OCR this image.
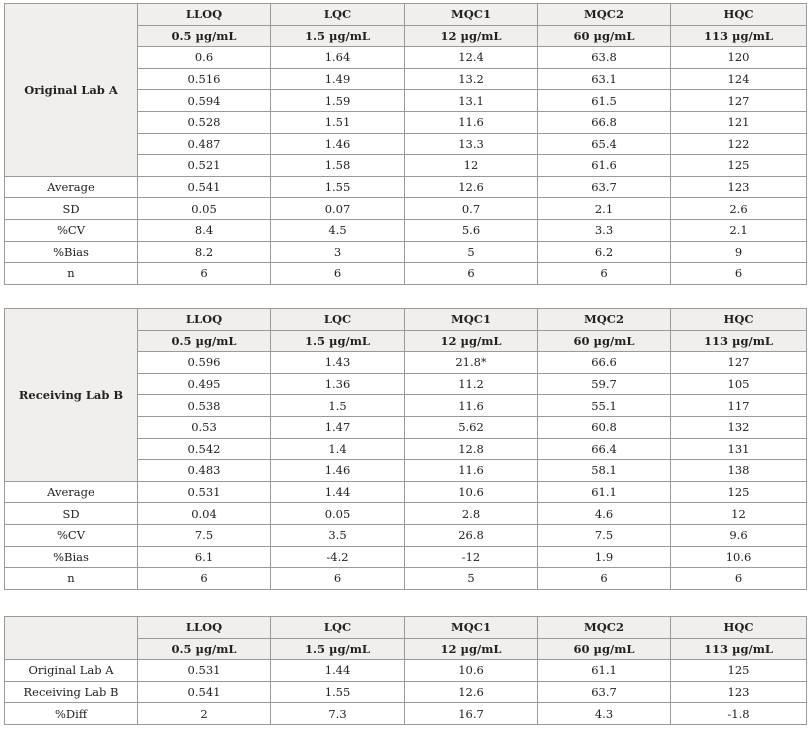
Original Lab A	LLOQ	LQC	MQC1	MQC2	HQC
	0.5 µg/mL	1.5 µg/mL	12 µg/mL	60 µg/mL	113 µg/mL
	0.6	1.64	12.4	63.8	120
	0.516	1.49	13.2	63.1	124
	0.594	1.59	13.1	61.5	127
	0.528	1.51	11.6	66.8	121
	0.487	1.46	13.3	65.4	122
	0.521	1.58	12	61.6	125
Average	0.541	1.55	12.6	63.7	123
SD	0.05	0.07	0.7	2.1	2.6
%CV	8.4	4.5	5.6	3.3	2.1
%Bias	8.2	3	5	6.2	9
n	6	6	6	6	6
Receiving Lab B	LLOQ	LQC	MQC1	MQC2	HQC
	0.5 µg/mL	1.5 µg/mL	12 µg/mL	60 µg/mL	113 µg/mL
	0.596	1.43	21.8*	66.6	127
	0.495	1.36	11.2	59.7	105
	0.538	1.5	11.6	55.1	117
	0.53	1.47	5.62	60.8	132
	0.542	1.4	12.8	66.4	131
	0.483	1.46	11.6	58.1	138
Average	0.531	1.44	10.6	61.1	125
SD	0.04	0.05	2.8	4.6	12
%CV	7.5	3.5	26.8	7.5	9.6
%Bias	6.1	-4.2	-12	1.9	10.6
n	6	6	5	6	6
	LLOQ	LQC	MQC1	MQC2	HQC
	0.5 µg/mL	1.5 µg/mL	12 µg/mL	60 µg/mL	113 µg/mL
Original Lab A	0.531	1.44	10.6	61.1	125
Receiving Lab B	0.541	1.55	12.6	63.7	123
%Diff	2	7.3	16.7	4.3	-1.8
